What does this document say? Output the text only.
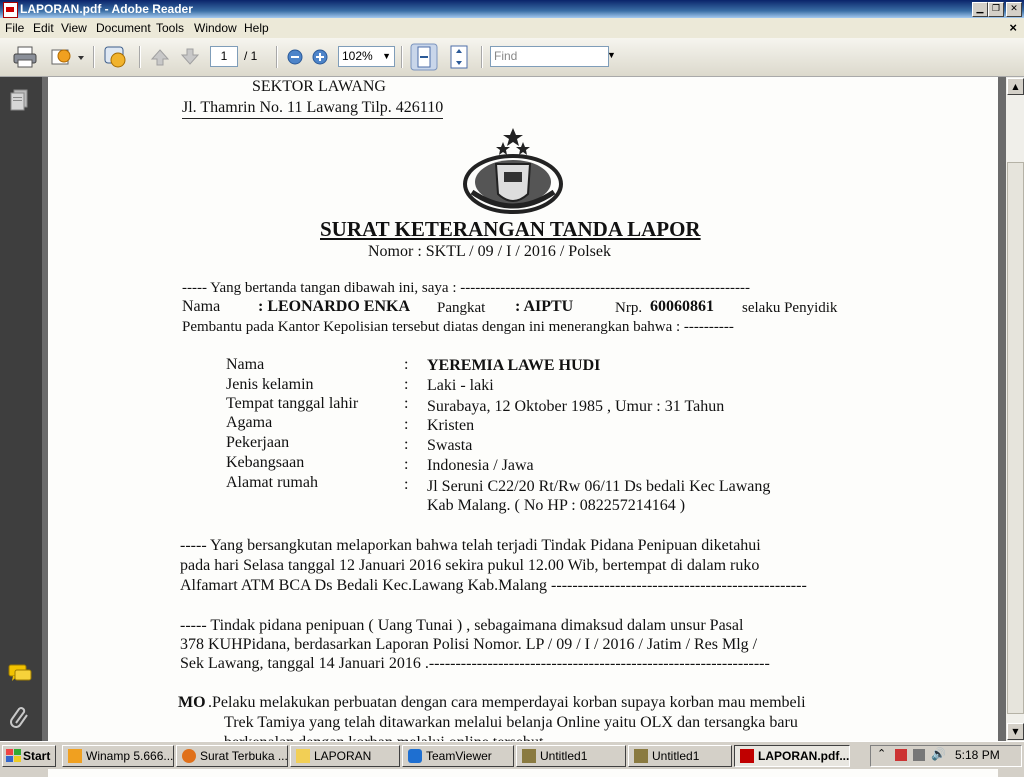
LAPORAN.pdf - Adobe Reader	▁ ❐	✕
File Edit View Document Tools Window Help	×
1	/ 1	102% ▼	Find	▼
SEKTOR LAWANG
Jl. Thamrin No. 11 Lawang Tilp. 426110
SURAT KETERANGAN TANDA LAPOR
Nomor : SKTL / 09 / I / 2016 / Polsek
----- Yang bertanda tangan dibawah ini, saya : ----------------------------------------------------------
Nama : LEONARDO ENKA Pangkat : AIPTU	Nrp. 60060861 selaku Penyidik
Pembantu pada Kantor Kepolisian tersebut diatas dengan ini menerangkan bahwa : ----------
Nama	: YEREMIA LAWE HUDI
Jenis kelamin	: Laki - laki
Tempat tanggal lahir	: Surabaya, 12 Oktober 1985 , Umur : 31 Tahun
Agama	: Kristen
Pekerjaan	: Swasta
Kebangsaan	: Indonesia / Jawa
Alamat rumah	: Jl Seruni C22/20 Rt/Rw 06/11 Ds bedali Kec Lawang
Kab Malang. ( No HP : 082257214164 )
----- Yang bersangkutan melaporkan bahwa telah terjadi Tindak Pidana Penipuan diketahui
pada hari Selasa tanggal 12 Januari 2016 sekira pukul 12.00 Wib, bertempat di dalam ruko
Alfamart ATM BCA Ds Bedali Kec.Lawang Kab.Malang ------------------------------------------------
----- Tindak pidana penipuan ( Uang Tunai ) , sebagaimana dimaksud dalam unsur Pasal
378 KUHPidana, berdasarkan Laporan Polisi Nomor. LP / 09 / I / 2016 / Jatim / Res Mlg /
Sek Lawang, tanggal 14 Januari 2016 .----------------------------------------------------------------
MO .Pelaku melakukan perbuatan dengan cara memperdayai korban supaya korban mau membeli
Trek Tamiya yang telah ditawarkan melalui belanja Online yaitu OLX dan tersangka baru
▲
▼
Start	Winamp 5.666...	Surat Terbuka ...	LAPORAN	TeamViewer	Untitled1	Untitled1	LAPORAN.pdf...	⌃	🔊 5:18 PM
